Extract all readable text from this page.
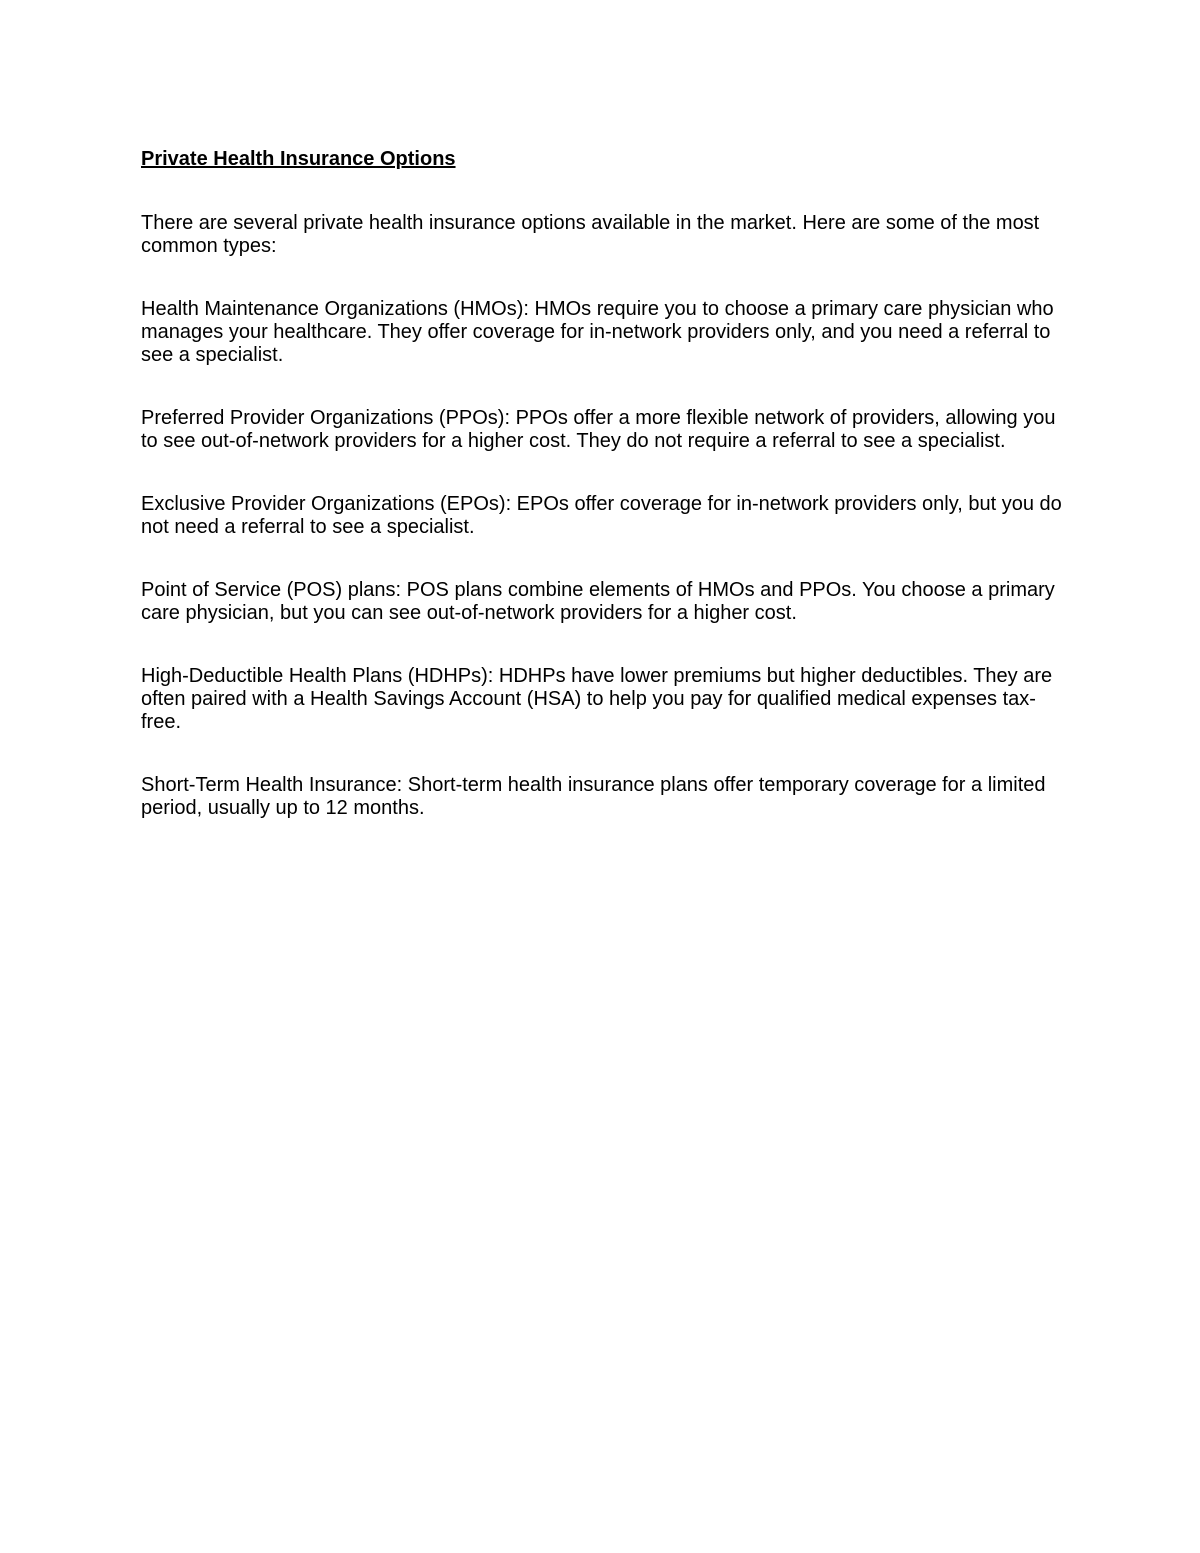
Private Health Insurance Options

There are several private health insurance options available in the market. Here are some of the most common types:

Health Maintenance Organizations (HMOs): HMOs require you to choose a primary care physician who manages your healthcare. They offer coverage for in-network providers only, and you need a referral to see a specialist.

Preferred Provider Organizations (PPOs): PPOs offer a more flexible network of providers, allowing you to see out-of-network providers for a higher cost. They do not require a referral to see a specialist.

Exclusive Provider Organizations (EPOs): EPOs offer coverage for in-network providers only, but you do not need a referral to see a specialist.

Point of Service (POS) plans: POS plans combine elements of HMOs and PPOs. You choose a primary care physician, but you can see out-of-network providers for a higher cost.

High-Deductible Health Plans (HDHPs): HDHPs have lower premiums but higher deductibles. They are often paired with a Health Savings Account (HSA) to help you pay for qualified medical expenses tax-free.

Short-Term Health Insurance: Short-term health insurance plans offer temporary coverage for a limited period, usually up to 12 months.
